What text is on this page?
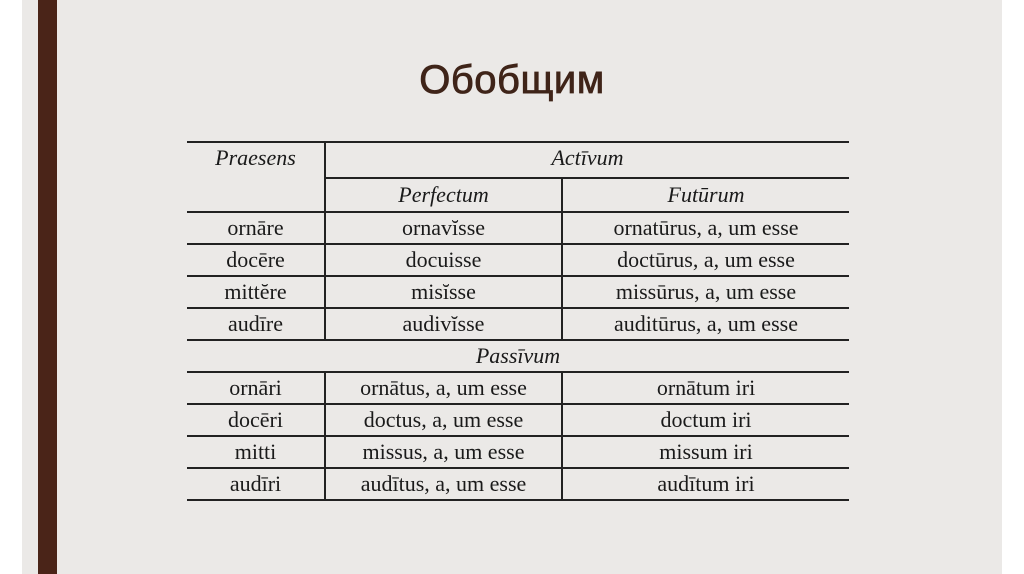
Обобщим
Praesens	Actīvum	
	Perfectum	Futūrum
ornāre	ornavĭsse	ornatūrus, a, um esse
docēre	docuisse	doctūrus, a, um esse
mittĕre	misĭsse	missūrus, a, um esse
audīre	audivĭsse	auditūrus, a, um esse
Passīvum		
ornāri	ornātus, a, um esse	ornātum iri
docēri	doctus, a, um esse	doctum iri
mitti	missus, a, um esse	missum iri
audīri	audītus, a, um esse	audītum iri
